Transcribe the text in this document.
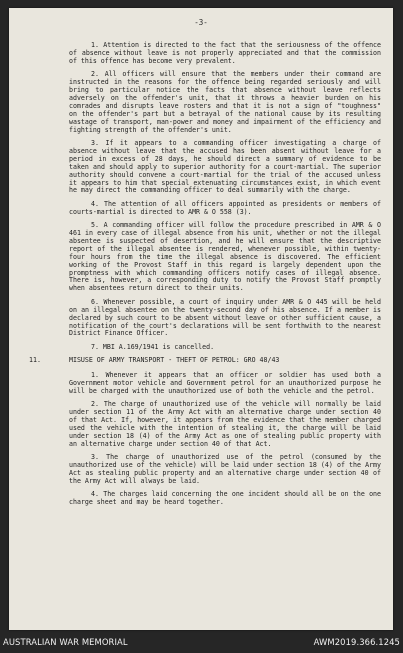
-3-

1. Attention is directed to the fact that the seriousness of the offence of absence without leave is not properly appreciated and that the commission of this offence has become very prevalent.

2. All officers will ensure that the members under their command are instructed in the reasons for the offence being regarded seriously and will bring to particular notice the facts that absence without leave reflects adversely on the offender's unit, that it throws a heavier burden on his comrades and disrupts leave rosters and that it is not a sign of "toughness" on the offender's part but a betrayal of the national cause by its resulting wastage of transport, man-power and money and impairment of the efficiency and fighting strength of the offender's unit.

3. If it appears to a commanding officer investigating a charge of absence without leave that the accused has been absent without leave for a period in excess of 28 days, he should direct a summary of evidence to be taken and should apply to superior authority for a court-martial. The superior authority should convene a court-martial for the trial of the accused unless it appears to him that special extenuating circumstances exist, in which event he may direct the commanding officer to deal summarily with the charge.

4. The attention of all officers appointed as presidents or members of courts-martial is directed to AMR & O 558 (3).

5. A commanding officer will follow the procedure prescribed in AMR & O 461 in every case of illegal absence from his unit, whether or not the illegal absentee is suspected of desertion, and he will ensure that the descriptive report of the illegal absentee is rendered, whenever possible, within twenty-four hours from the time the illegal absence is discovered. The efficient working of the Provost Staff in this regard is largely dependent upon the promptness with which commanding officers notify cases of illegal absence. There is, however, a corresponding duty to notify the Provost Staff promptly when absentees return direct to their units.

6. Whenever possible, a court of inquiry under AMR & O 445 will be held on an illegal absentee on the twenty-second day of his absence. If a member is declared by such court to be absent without leave or other sufficient cause, a notification of the court's declarations will be sent forthwith to the nearest District Finance Officer.

7. MBI A.169/1941 is cancelled.

11.	MISUSE OF ARMY TRANSPORT - THEFT OF PETROL: GRO 48/43

1. Whenever it appears that an officer or soldier has used both a Government motor vehicle and Government petrol for an unauthorized purpose he will be charged with the unauthorized use of both the vehicle and the petrol.

2. The charge of unauthorized use of the vehicle will normally be laid under section 11 of the Army Act with an alternative charge under section 40 of that Act. If, however, it appears from the evidence that the member charged used the vehicle with the intention of stealing it, the charge will be laid under section 18 (4) of the Army Act as one of stealing public property with an alternative charge under section 40 of that Act.

3. The charge of unauthorized use of the petrol (consumed by the unauthorized use of the vehicle) will be laid under section 18 (4) of the Army Act as stealing public property and an alternative charge under section 40 of the Army Act will always be laid.

4. The charges laid concerning the one incident should all be on the one charge sheet and may be heard together.

AUSTRALIAN WAR MEMORIAL	AWM2019.366.1245
